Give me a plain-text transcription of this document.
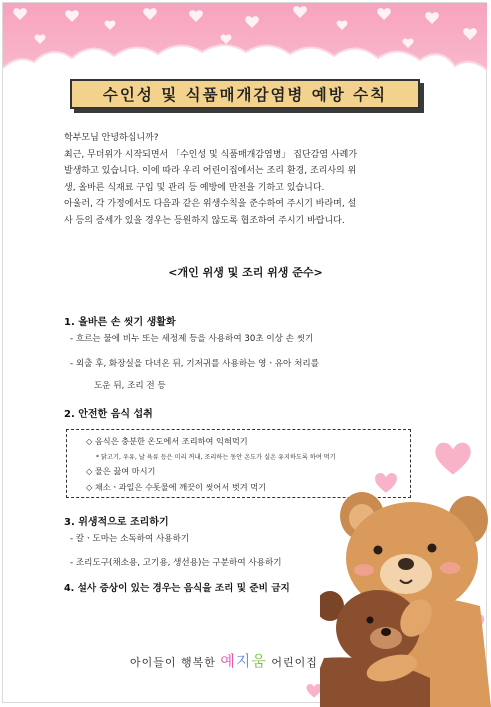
수인성 및 식품매개감염병 예방 수칙

학부모님 안녕하십니까?

최근, 무더위가 시작되면서 「수인성 및 식품매개감염병」 집단감염 사례가

발생하고 있습니다. 이에 따라 우리 어린이집에서는 조리 환경, 조리사의 위

생, 올바른 식재료 구입 및 관리 등 예방에 만전을 기하고 있습니다.

아울러, 각 가정에서도 다음과 같은 위생수칙을 준수하여 주시기 바라며, 설

사 등의 증세가 있을 경우는 등원하지 않도록 협조하여 주시기 바랍니다.

<개인 위생 및 조리 위생 준수>
1. 올바른 손 씻기 생활화
- 흐르는 물에 비누 또는 세정제 등을 사용하여 30초 이상 손 씻기
- 외출 후, 화장실을 다녀온 뒤, 기저귀를 사용하는 영ㆍ유아 처리를
도운 뒤, 조리 전 등
2. 안전한 음식 섭취
◇ 음식은 충분한 온도에서 조리하여 익혀먹기
* 닭고기, 우유, 날 육류 등은 미리 꺼내, 조리하는 동안 온도가 실온 유지하도록 하여 먹기
◇ 물은 끓여 마시기
◇ 채소ㆍ과일은 수돗물에 깨끗이 씻어서 벗겨 먹기
3. 위생적으로 조리하기
- 칼ㆍ도마는 소독하여 사용하기
- 조리도구(채소용, 고기용, 생선용)는 구분하여 사용하기
4. 설사 증상이 있는 경우는 음식을 조리 및 준비 금지
아이들이 행복한 예지움 어린이집
